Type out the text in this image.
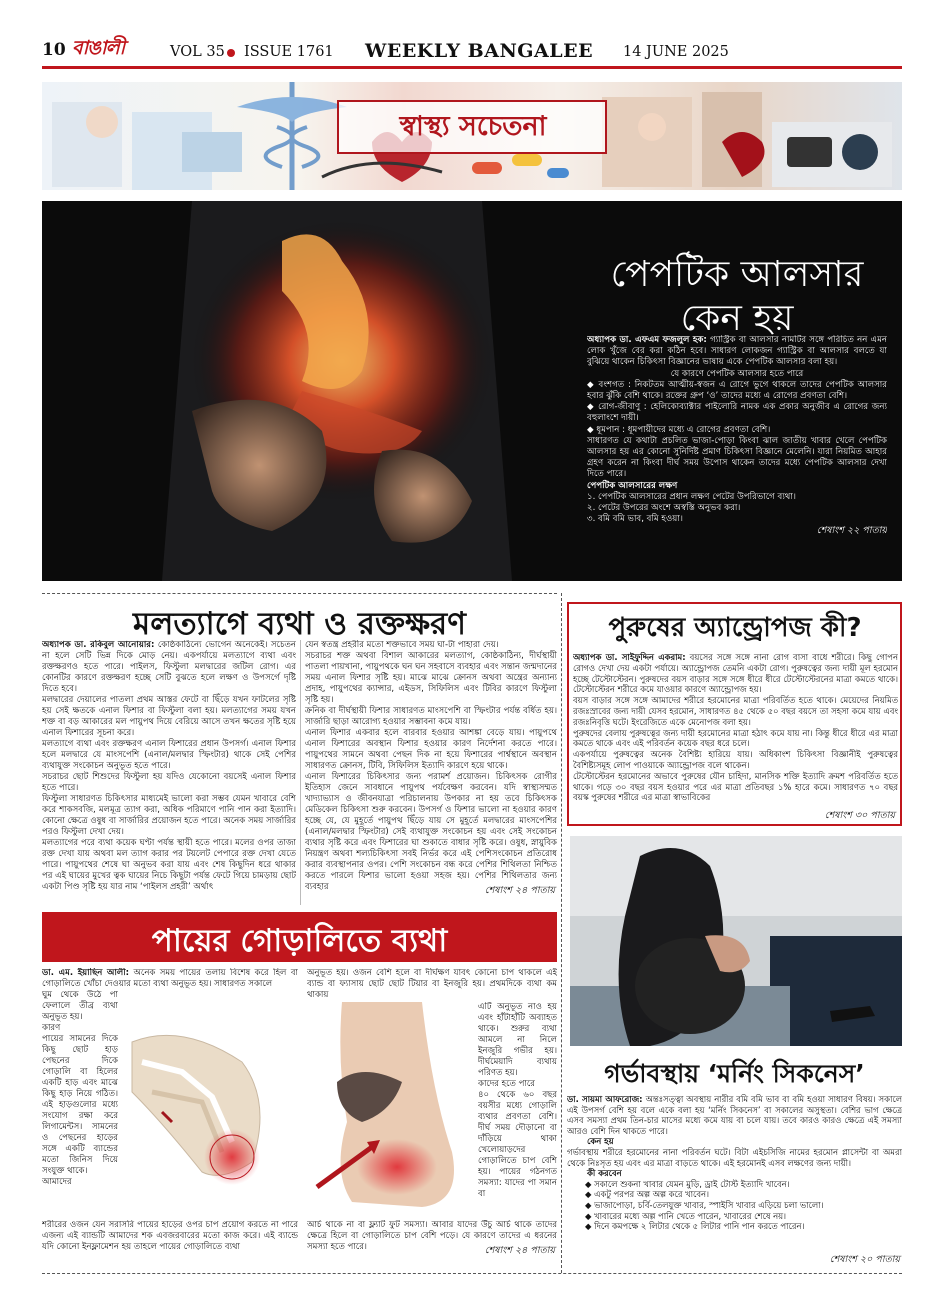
10 বাঙালী	VOL 35 ISSUE 1761 WEEKLY BANGALEE 14 JUNE 2025
স্বাস্থ্য সচেতনা
পেপটিক আলসার
কেন হয়

অধ্যাপক ডা. এফএম ফজলুল হক: গ্যাস্ট্রিক বা আলসার নামটির সঙ্গে পরিচিত নন এমন লোক খুঁজে বের করা কঠিন হবে। সাধারণ লোকজন গ্যাস্ট্রিক বা আলসার বলতে যা বুঝিয়ে থাকেন চিকিৎসা বিজ্ঞানের ভাষায় একে পেপটিক আলসার বলা হয়।

যে কারণে পেপটিক আলসার হতে পারে

◆ বংশগত : নিকটতম আত্মীয়-স্বজন এ রোগে ভুগে থাকলে তাদের পেপটিক আলসার হবার ঝুঁকি বেশি থাকে। রক্তের গ্রুপ ‘ও’ তাদের মধ্যে এ রোগের প্রবণতা বেশি।

◆ রোগ-জীবাণু : হেলিকোব্যাক্টার পাইলোরি নামক এক প্রকার অনুজীব এ রোগের জন্য বহুলাংশে দায়ী।

◆ ধূমপান : ধূমপায়ীদের মধ্যে এ রোগের প্রবণতা বেশি।

সাধারণত যে কথাটা প্রচলিত ভাজা-পোড়া কিংবা ঝাল জাতীয় খাবার খেলে পেপটিক আলসার হয় এর কোনো সুনির্দিষ্ট প্রমাণ চিকিৎসা বিজ্ঞানে মেলেনি। যারা নিয়মিত আহার গ্রহণ করেন না কিংবা দীর্ঘ সময় উপোস থাকেন তাদের মধ্যে পেপটিক আলসার দেখা দিতে পারে।

পেপটিক আলসারের লক্ষণ

১. পেপটিক আলসারের প্রধান লক্ষণ পেটের উপরিভাগে ব্যথা।

২. পেটের উপরের অংশে অস্বস্তি অনুভব করা।

৩. বমি বমি ভাব, বমি হওয়া।

শেষাংশ ২২ পাতায়
মলত্যাগে ব্যথা ও রক্তক্ষরণ

অধ্যাপক ডা. রকিবুল আনোয়ার: কোষ্ঠকাঠিন্যে ভোগেন অনেকেই। সচেতন না হলে সেটি ভিন্ন দিকে মোড় নেয়। একপর্যায়ে মলত্যাগে ব্যথা এবং রক্তক্ষরণও হতে পারে। পাইলস, ফিস্টুলা মলদ্বারের জটিল রোগ। এর কোনটির কারণে রক্তক্ষরণ হচ্ছে সেটি বুঝতে হলে লক্ষণ ও উপসর্গে দৃষ্টি দিতে হবে।
মলদ্বারের দেয়ালের পাতলা প্রথম আস্তর ফেটে বা ছিঁড়ে যখন ফাটলের সৃষ্টি হয় সেই ক্ষতকে এনাল ফিশার বা ফিস্টুলা বলা হয়। মলত্যাগের সময় যখন শক্ত বা বড় আকারের মল পায়ুপথ দিয়ে বেরিয়ে আসে তখন ক্ষতের সৃষ্টি হয়ে এনাল ফিশারের সূচনা করে।
মলত্যাগে ব্যথা এবং রক্তক্ষরণ এনাল ফিশারের প্রধান উপসর্গ। এনাল ফিশার হলে মলদ্বারে যে মাংসপেশি (এনাল/মলদ্বার স্ফিংটার) থাকে সেই পেশির ব্যথাযুক্ত সংকোচন অনুভূত হতে পারে।
সচরাচর ছোট শিশুদের ফিস্টুলা হয় যদিও যেকোনো বয়সেই এনাল ফিশার হতে পারে।
ফিস্টুলা সাধারণত চিকিৎসার মাধ্যমেই ভালো করা সম্ভব যেমন খাবারে বেশি করে শাকসবজি, মলমূত্র ত্যাগ করা, অধিক পরিমাণে পানি পান করা ইত্যাদি। কোনো ক্ষেত্রে ওষুধ বা সার্জারির প্রয়োজন হতে পারে। অনেক সময় সার্জারির পরও ফিস্টুলা দেখা দেয়।
মলত্যাগের পরে ব্যথা কয়েক ঘণ্টা পর্যন্ত স্থায়ী হতে পারে। মলের ওপর তাজা রক্ত দেখা যায় অথবা মল ত্যাগ করার পর টয়লেট পেপারে রক্ত দেখা যেতে পারে। পায়ুপথের শেষে ঘা অনুভব করা যায় এবং শেষ কিছুদিন ধরে থাকার পর এই ঘায়ের মুখের ত্বক ঘায়ের নিচে কিছুটা পর্যন্ত ফেটে গিয়ে চামড়ায় ছোট একটা পিণ্ড সৃষ্টি হয় যার নাম ‘পাইলস প্রহরী’ অর্থাৎ

যেন স্বতন্ত্র প্রহরীর মতো শক্তভাবে সময় ঘা-টা পাহারা দেয়।
সচরাচর শক্ত অথবা বিশাল আকারের মলত্যাগ, কোষ্ঠকাঠিন্য, দীর্ঘস্থায়ী পাতলা পায়খানা, পায়ুপথকে ঘন ঘন সহবাসে ব্যবহার এবং সন্তান জন্মদানের সময় এনাল ফিশার সৃষ্টি হয়। মাঝে মাঝে ক্রোনস অথবা অন্ত্রের অন্যান্য প্রদাহ, পায়ুপথের ক্যান্সার, এইডস, সিফিলিস এবং টিবির কারণে ফিস্টুলা সৃষ্টি হয়।
ক্রনিক বা দীর্ঘস্থায়ী ফিশার সাধারণত মাংসপেশি বা স্ফিংটার পর্যন্ত বর্ধিত হয়। সার্জারি ছাড়া আরোগ্য হওয়ার সম্ভাবনা কমে যায়।
এনাল ফিশার একবার হলে বারবার হওয়ার আশঙ্কা বেড়ে যায়। পায়ুপথে এনাল ফিশারের অবস্থান ফিশার হওয়ার কারণ নির্দেশনা করতে পারে। পায়ুপথের সামনে অথবা পেছন দিক না হয়ে ফিশারের পার্শ্বস্থানে অবস্থান সাধারণত ক্রোনস, টিবি, সিফিলিস ইত্যাদি কারণে হয়ে থাকে।
এনাল ফিশারের চিকিৎসার জন্য পরামর্শ প্রয়োজন। চিকিৎসক রোগীর ইতিহাস জেনে সাবধানে পায়ুপথ পর্যবেক্ষণ করবেন। যদি স্বাস্থ্যসম্মত খাদ্যাভ্যাস ও জীবনযাত্রা পরিচালনায় উপকার না হয় তবে চিকিৎসক মেডিকেল চিকিৎসা শুরু করবেন। উপসর্গ ও ফিশার ভালো না হওয়ার কারণ হচ্ছে যে, যে মুহূর্তে পায়ুপথ ছিঁড়ে যায় সে মুহূর্তে মলদ্বারের মাংসপেশির (এনাল/মলদ্বার স্ফিংটার) সেই ব্যথাযুক্ত সংকোচন হয় এবং সেই সংকোচন ব্যথার সৃষ্টি করে এবং ফিশারের ঘা শুকাতে বাধার সৃষ্টি করে। ওষুধ, স্নায়ুবিক নিয়ন্ত্রণ অথবা শল্যচিকিৎসা সবই নির্ভর করে এই পেশিসংকোচন প্রতিরোধ করার ব্যবস্থাপনার ওপর। পেশি সংকোচন বন্ধ করে পেশির শিথিলতা নিশ্চিত করতে পারলে ফিশার ভালো হওয়া সহজ হয়। পেশির শিথিলতার জন্য ব্যবহার	শেষাংশ ২৪ পাতায়
পুরুষের অ্যান্ড্রোপজ কী?

অধ্যাপক ডা. সাইফুদ্দিন একরাম: বয়সের সঙ্গে সঙ্গে নানা রোগ বাসা বাধে শরীরে। কিছু গোপন রোগও দেখা দেয় একটা পর্যায়ে। অ্যান্ড্রোপজ তেমনি একটা রোগ। পুরুষত্বের জন্য দায়ী মূল হরমোন হচ্ছে টেস্টোস্টেরন। পুরুষদের বয়স বাড়ার সঙ্গে সঙ্গে ধীরে ধীরে টেস্টোস্টেরনের মাত্রা কমতে থাকে। টেস্টোস্টেরন শরীরে কমে যাওয়ার কারণে অ্যান্ড্রোপজ হয়।
বয়স বাড়ার সঙ্গে সঙ্গে আমাদের শরীরে হরমোনের মাত্রা পরিবর্তিত হতে থাকে। মেয়েদের নিয়মিত রজঃস্রাবের জন্য দায়ী যেসব হরমোন, সাধারণত ৪৫ থেকে ৫০ বছর বয়সে তা সহসা কমে যায় এবং রজঃনিবৃত্তি ঘটে। ইংরেজিতে একে মেনোপজ বলা হয়।
পুরুষদের বেলায় পুরুষত্বের জন্য দায়ী হরমোনের মাত্রা হঠাৎ কমে যায় না। কিন্তু ধীরে ধীরে এর মাত্রা কমতে থাকে এবং এই পরিবর্তন কয়েক বছর ধরে চলে।
একপর্যায়ে পুরুষত্বের অনেক বৈশিষ্ট্য হারিয়ে যায়। অধিকাংশ চিকিৎসা বিজ্ঞানীই পুরুষত্বের বৈশিষ্ট্যসমূহ লোপ পাওয়াকে অ্যান্ড্রোপজ বলে থাকেন।
টেস্টোস্টেরন হরমোনের অভাবে পুরুষের যৌন চাহিদা, মানসিক শক্তি ইত্যাদি ক্রমশ পরিবর্তিত হতে থাকে। গড়ে ৩০ বছর বয়স হওয়ার পরে এর মাত্রা প্রতিবছর ১% হারে কমে। সাধারণত ৭০ বছর বয়স্ক পুরুষের শরীরে এর মাত্রা স্বাভাবিকের

শেষাংশ ৩০ পাতায়
গর্ভাবস্থায় ‘মর্নিং সিকনেস’

ডা. সায়মা আফরোজ: অন্তঃসত্ত্বা অবস্থায় নারীর বমি বমি ভাব বা বমি হওয়া সাধারণ বিষয়। সকালে এই উপসর্গ বেশি হয় বলে একে বলা হয় ‘মর্নিং সিকনেস’ বা সকালের অসুস্থতা। বেশির ভাগ ক্ষেত্রে এসব সমস্যা প্রথম তিন-চার মাসের মধ্যে কমে যায় বা চলে যায়। তবে কারও কারও ক্ষেত্রে এই সমস্যা আরও বেশি দিন থাকতে পারে।

কেন হয়

গর্ভাবস্থায় শরীরে হরমোনের নানা পরিবর্তন ঘটে। বিটা এইচসিজি নামের হরমোন প্লাসেন্টা বা অমরা থেকে নিঃসৃত হয় এবং এর মাত্রা বাড়তে থাকে। এই হরমোনই এসব লক্ষণের জন্য দায়ী।

কী করবেন

◆ সকালে শুকনা খাবার যেমন মুড়ি, ড্রাই টোস্ট ইত্যাদি খাবেন।

◆ একটু পরপর অল্প অল্প করে খাবেন।

◆ ভাজাপোড়া, চর্বি-তেলযুক্ত খাবার, স্পাইসি খাবার এড়িয়ে চলা ভালো।

◆ খাবারের মধ্যে অল্প পানি খেতে পারেন, খাবারের শেষে নয়।

◆ দিনে কমপক্ষে ২ লিটার থেকে ৫ লিটার পানি পান করতে পারেন।

শেষাংশ ২০ পাতায়
পায়ের গোড়ালিতে ব্যথা

ডা. এম. ইয়াছিন আলী: অনেক সময় পায়ের তলায় বিশেষ করে হিল বা গোড়ালিতে খোঁচা দেওয়ার মতো ব্যথা অনুভূত হয়। সাধারণত সকালে

ঘুম থেকে উঠে পা ফেলালে তীব্র ব্যথা অনুভূত হয়।
কারণ
পায়ের সামনের দিকে কিছু ছোট হাড় পেছনের দিকে গোড়ালি বা হিলের একটি হাড় এবং মাঝে কিছু হাড় নিয়ে গঠিত। এই হাড়গুলোর মধ্যে সংযোগ রক্ষা করে লিগামেন্টস। সামনের ও পেছনের হাড়ের সঙ্গে একটি ব্যান্ডের মতো জিনিস দিয়ে সংযুক্ত থাকে।
আমাদের

অনুভূত হয়। ওজন বেশি হলে বা দীর্ঘক্ষণ যাবৎ কোনো চাপ থাকলে এই ব্যান্ড বা ফ্যাসায় ছোট ছোট টিয়ার বা ইনজুরি হয়। প্রথমদিকে ব্যথা কম থাকায়

এটি অনুভূত নাও হয় এবং হাঁটাহাঁটি অব্যাহত থাকে। শুরুর ব্যথা আমলে না নিলে ইনজুরি গভীর হয়। দীর্ঘমেয়াদি ব্যথায় পরিণত হয়।
কাদের হতে পারে
৪০ থেকে ৬০ বছর বয়সীর মধ্যে গোড়ালি ব্যথার প্রবণতা বেশি। দীর্ঘ সময় দৌড়ানো বা দাঁড়িয়ে থাকা খেলোয়াড়দের গোড়ালিতে চাপ বেশি হয়। পায়ের গঠনগত সমস্যা: যাদের পা সমান বা

শরীরের ওজন যেন সরাসরি পায়ের হাড়ের ওপর চাপ প্রয়োগ করতে না পারে এজন্য এই ব্যান্ডটি আমাদের শক এবজরবারের মতো কাজ করে। এই ব্যান্ডে যদি কোনো ইনফ্লামেশন হয় তাহলে পায়ের গোড়ালিতে ব্যথা

আর্চ থাকে না বা ফ্ল্যাট ফুট সমস্যা। আবার যাদের উঁচু আর্চ থাকে তাদের ক্ষেত্রে হিলে বা গোড়ালিতে চাপ বেশি পড়ে। যে কারণে তাদের এ ধরনের সমস্যা হতে পারে।	শেষাংশ ২৪ পাতায়
